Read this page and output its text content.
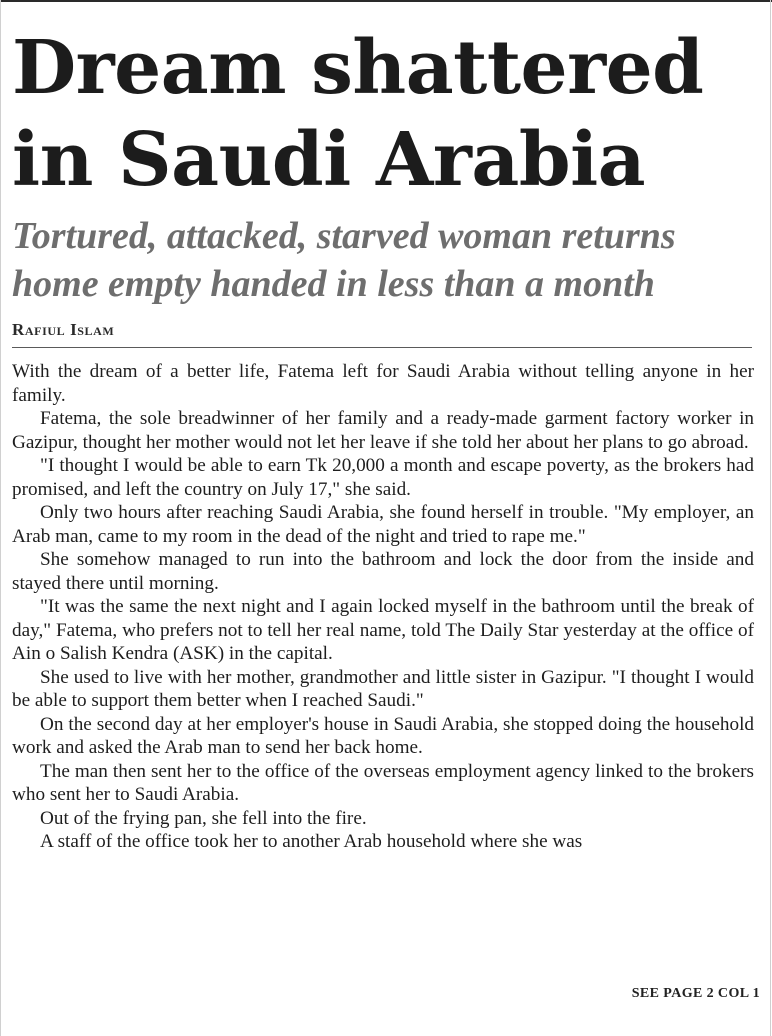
Dream shattered
in Saudi Arabia
Tortured, attacked, starved woman returns
home empty handed in less than a month
Rafiul Islam

With the dream of a better life, Fatema left for Saudi Arabia without telling anyone in her family.

Fatema, the sole breadwinner of her family and a ready-made garment factory worker in Gazipur, thought her mother would not let her leave if she told her about her plans to go abroad.

"I thought I would be able to earn Tk 20,000 a month and escape poverty, as the brokers had promised, and left the country on July 17," she said.

Only two hours after reaching Saudi Arabia, she found herself in trouble. "My employer, an Arab man, came to my room in the dead of the night and tried to rape me."

She somehow managed to run into the bathroom and lock the door from the inside and stayed there until morning.

"It was the same the next night and I again locked myself in the bathroom until the break of day," Fatema, who prefers not to tell her real name, told The Daily Star yesterday at the office of Ain o Salish Kendra (ASK) in the capital.

She used to live with her mother, grandmother and little sister in Gazipur. "I thought I would be able to support them better when I reached Saudi."

On the second day at her employer's house in Saudi Arabia, she stopped doing the household work and asked the Arab man to send her back home.

The man then sent her to the office of the overseas employment agency linked to the brokers who sent her to Saudi Arabia.

Out of the frying pan, she fell into the fire.

A staff of the office took her to another Arab household where she was

SEE PAGE 2 COL 1
